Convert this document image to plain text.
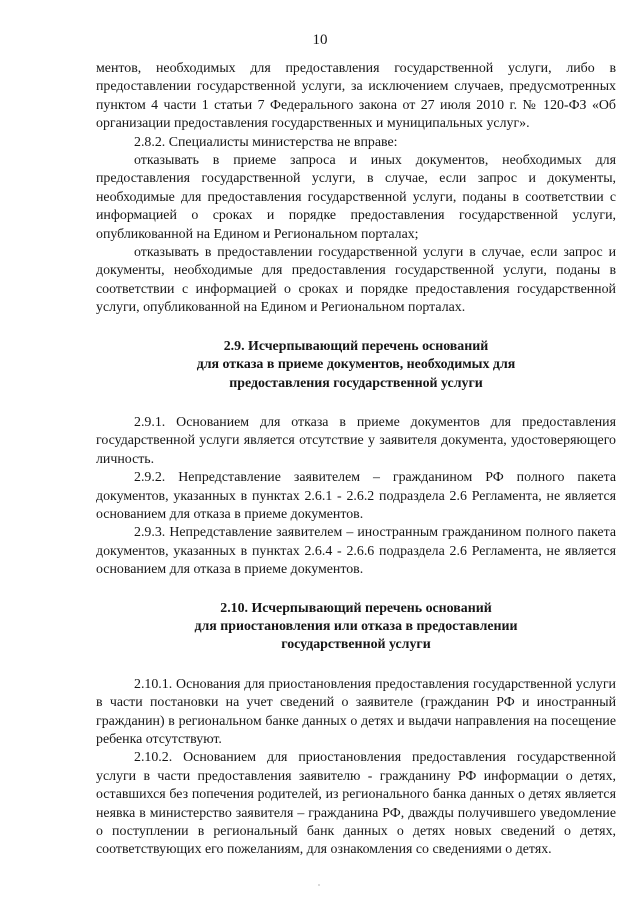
10

ментов, необходимых для предоставления государственной услуги, либо в предоставлении государственной услуги, за исключением случаев, предусмотренных пунктом 4 части 1 статьи 7 Федерального закона от 27 июля 2010 г. № 120-ФЗ «Об организации предоставления государственных и муниципальных услуг».

2.8.2. Специалисты министерства не вправе:

отказывать в приеме запроса и иных документов, необходимых для предоставления государственной услуги, в случае, если запрос и документы, необходимые для предоставления государственной услуги, поданы в соответствии с информацией о сроках и порядке предоставления государственной услуги, опубликованной на Едином и Региональном порталах;

отказывать в предоставлении государственной услуги в случае, если запрос и документы, необходимые для предоставления государственной услуги, поданы в соответствии с информацией о сроках и порядке предоставления государственной услуги, опубликованной на Едином и Региональном порталах.

2.9. Исчерпывающий перечень оснований
для отказа в приеме документов, необходимых для
предоставления государственной услуги

2.9.1. Основанием для отказа в приеме документов для предоставления государственной услуги является отсутствие у заявителя документа, удостоверяющего личность.

2.9.2. Непредставление заявителем – гражданином РФ полного пакета документов, указанных в пунктах 2.6.1 - 2.6.2 подраздела 2.6 Регламента, не является основанием для отказа в приеме документов.

2.9.3. Непредставление заявителем – иностранным гражданином полного пакета документов, указанных в пунктах 2.6.4 - 2.6.6 подраздела 2.6 Регламента, не является основанием для отказа в приеме документов.

2.10. Исчерпывающий перечень оснований
для приостановления или отказа в предоставлении
государственной услуги

2.10.1. Основания для приостановления предоставления государственной услуги в части постановки на учет сведений о заявителе (гражданин РФ и иностранный гражданин) в региональном банке данных о детях и выдачи направления на посещение ребенка отсутствуют.

2.10.2. Основанием для приостановления предоставления государственной услуги в части предоставления заявителю - гражданину РФ информации о детях, оставшихся без попечения родителей, из регионального банка данных о детях является неявка в министерство заявителя – гражданина РФ, дважды получившего уведомление о поступлении в региональный банк данных о детях новых сведений о детях, соответствующих его пожеланиям, для ознакомления со сведениями о детях.
